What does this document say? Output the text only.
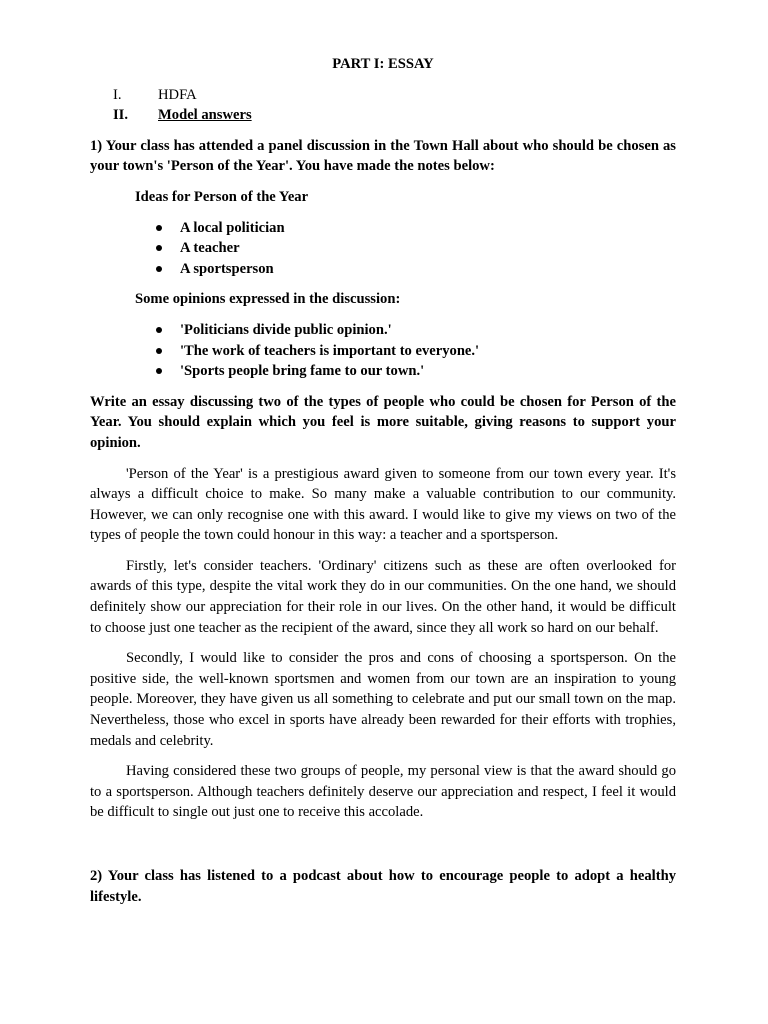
PART I: ESSAY

I.	HDFA
II.	Model answers

1) Your class has attended a panel discussion in the Town Hall about who should be chosen as your town's 'Person of the Year'. You have made the notes below:

Ideas for Person of the Year

A local politician
A teacher
A sportsperson

Some opinions expressed in the discussion:

'Politicians divide public opinion.'
'The work of teachers is important to everyone.'
'Sports people bring fame to our town.'

Write an essay discussing two of the types of people who could be chosen for Person of the Year. You should explain which you feel is more suitable, giving reasons to support your opinion.

'Person of the Year' is a prestigious award given to someone from our town every year. It's always a difficult choice to make. So many make a valuable contribution to our community. However, we can only recognise one with this award. I would like to give my views on two of the types of people the town could honour in this way: a teacher and a sportsperson.

Firstly, let's consider teachers. 'Ordinary' citizens such as these are often overlooked for awards of this type, despite the vital work they do in our communities. On the one hand, we should definitely show our appreciation for their role in our lives. On the other hand, it would be difficult to choose just one teacher as the recipient of the award, since they all work so hard on our behalf.

Secondly, I would like to consider the pros and cons of choosing a sportsperson. On the positive side, the well-known sportsmen and women from our town are an inspiration to young people. Moreover, they have given us all something to celebrate and put our small town on the map. Nevertheless, those who excel in sports have already been rewarded for their efforts with trophies, medals and celebrity.

Having considered these two groups of people, my personal view is that the award should go to a sportsperson. Although teachers definitely deserve our appreciation and respect, I feel it would be difficult to single out just one to receive this accolade.

2) Your class has listened to a podcast about how to encourage people to adopt a healthy lifestyle.
